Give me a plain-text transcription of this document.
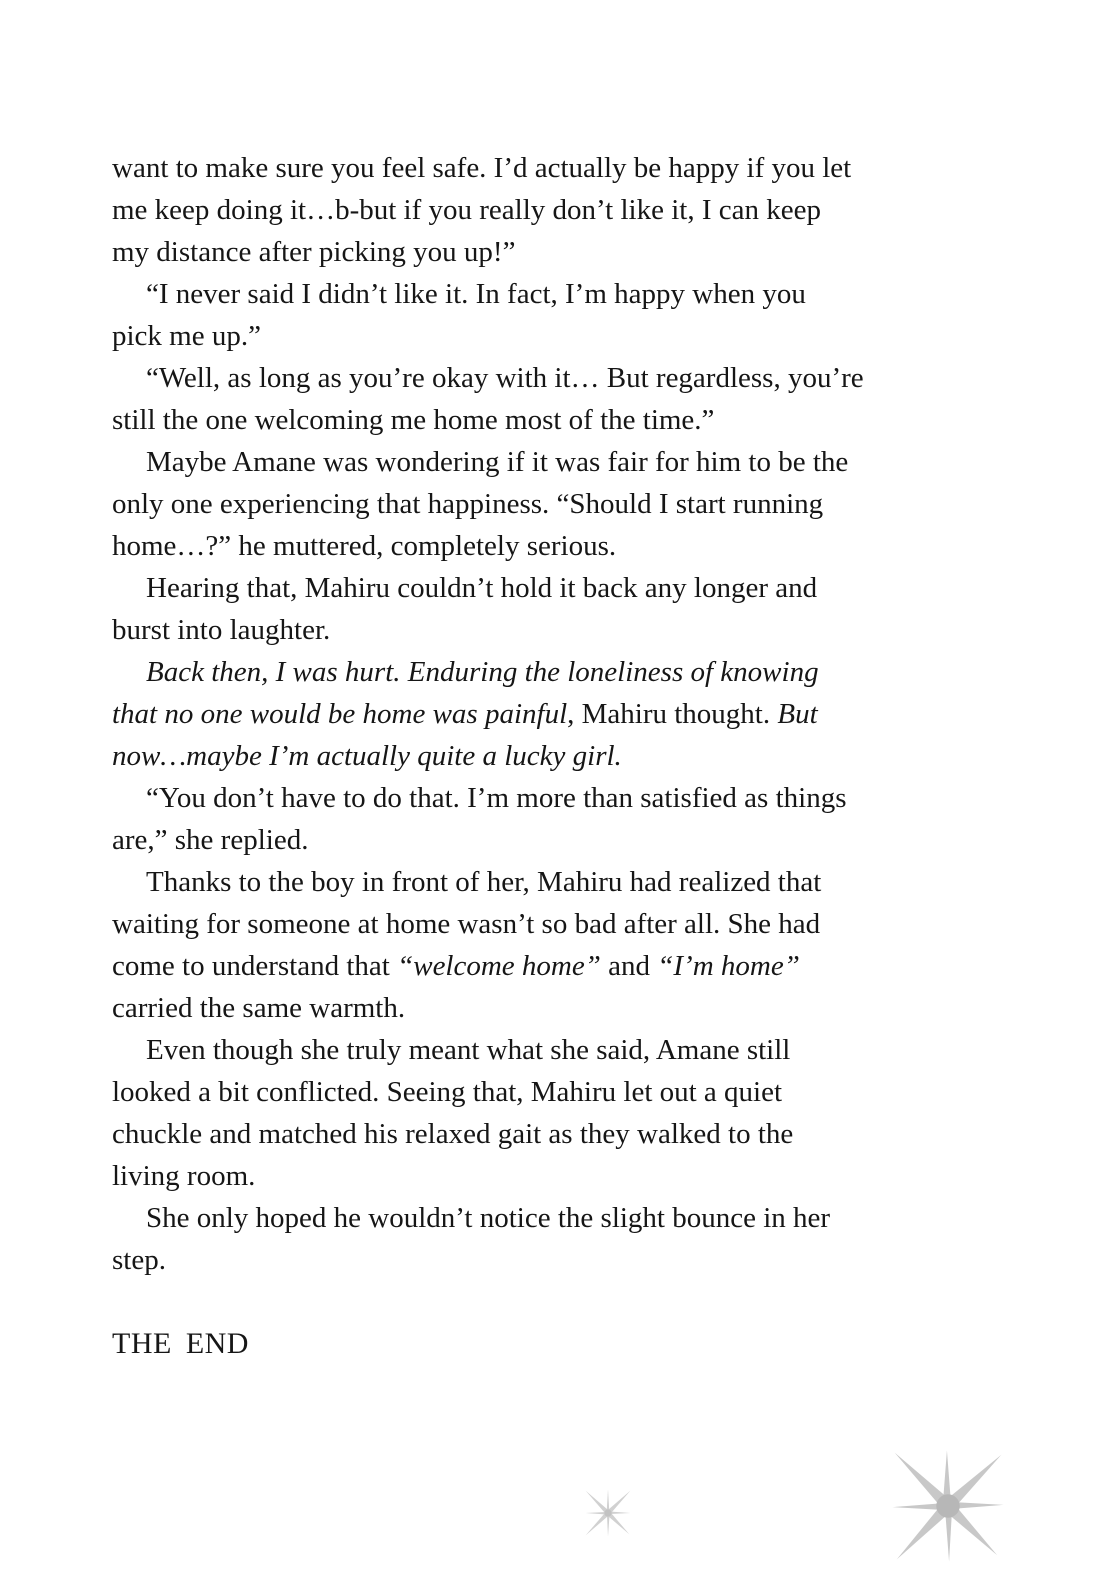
want to make sure you feel safe. I’d actually be happy if you let
me keep doing it…b-but if you really don’t like it, I can keep
my distance after picking you up!”
“I never said I didn’t like it. In fact, I’m happy when you
pick me up.”
“Well, as long as you’re okay with it… But regardless, you’re
still the one welcoming me home most of the time.”
Maybe Amane was wondering if it was fair for him to be the
only one experiencing that happiness. “Should I start running
home…?” he muttered, completely serious.
Hearing that, Mahiru couldn’t hold it back any longer and
burst into laughter.
Back then, I was hurt. Enduring the loneliness of knowing
that no one would be home was painful, Mahiru thought. But
now…maybe I’m actually quite a lucky girl.
“You don’t have to do that. I’m more than satisfied as things
are,” she replied.
Thanks to the boy in front of her, Mahiru had realized that
waiting for someone at home wasn’t so bad after all. She had
come to understand that “welcome home” and “I’m home”
carried the same warmth.
Even though she truly meant what she said, Amane still
looked a bit conflicted. Seeing that, Mahiru let out a quiet
chuckle and matched his relaxed gait as they walked to the
living room.
She only hoped he wouldn’t notice the slight bounce in her
step.
THE END
